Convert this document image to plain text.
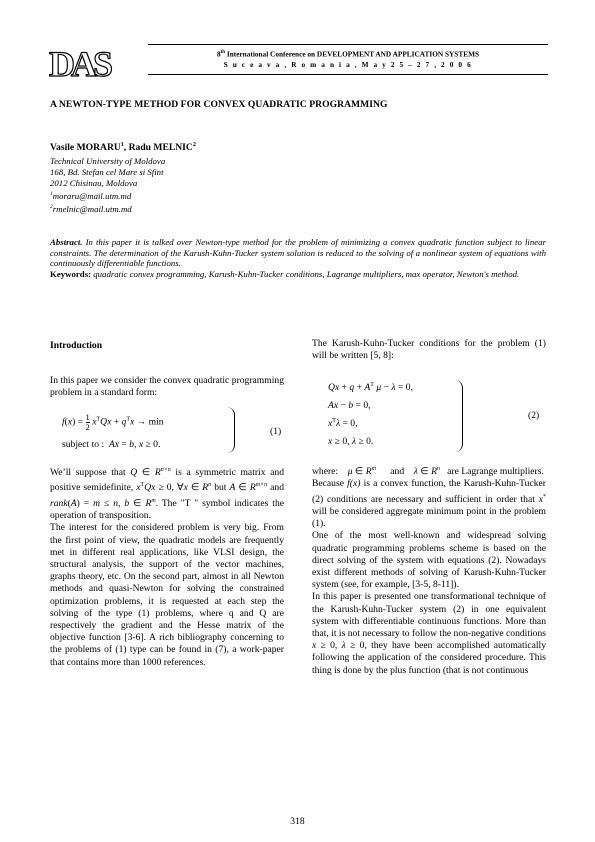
DAS	8th International Conference on DEVELOPMENT AND APPLICATION SYSTEMS
S u c e a v a , R o m a n i a , M a y 2 5 – 2 7 , 2 0 0 6
A NEWTON-TYPE METHOD FOR CONVEX QUADRATIC PROGRAMMING
Vasile MORARU$^1$, Radu MELNIC$^2$
Technical University of Moldova
168, Bd. Stefan cel Mare si Sfint
2012 Chisinau, Moldova
$^1$moraru@mail.utm.md
$^2$rmelnic@mail.utm.md
Abstract. In this paper it is talked over Newton-type method for the problem of minimizing a convex quadratic function subject to linear constraints. The determination of the Karush-Kuhn-Tucker system solution is reduced to the solving of a nonlinear system of equations with continuously differentiable functions.
Keywords: quadratic convex programming, Karush-Kuhn-Tucker conditions, Lagrange multipliers, max operator, Newton's method.
Introduction

In this paper we consider the convex quadratic programming problem in a standard form:

$f(x) = \frac{1}{2} x^TQx + q^Tx \to \min$
subject to : Ax = b, x ≥ 0.
(1)

We’ll suppose that Q ∈ $R^{n\times n}$ is a symmetric matrix and positive semidefinite, $x^TQx \ge 0$, ∀x ∈ $R^n$ but A ∈ $R^{m\times n}$ and rank(A) = m ≤ n, b ∈ $R^m$. The "T " symbol indicates the operation of transposition.

The interest for the considered problem is very big. From the first point of view, the quadratic models are frequently met in different real applications, like VLSI design, the structural analysis, the support of the vector machines, graphs theory, etc. On the second part, almost in all Newton methods and quasi-Newton for solving the constrained optimization problems, it is requested at each step the solving of the type (1) problems, where q and Q are respectively the gradient and the Hesse matrix of the objective function [3-6]. A rich bibliography concerning to the problems of (1) type can be found in (7), a work-paper that contains more than 1000 references.

The Karush-Kuhn-Tucker conditions for the problem (1) will be written [5, 8]:

$Qx + q + A^T$ μ − λ = 0,
Ax − b = 0,
$x^T\lambda = 0$,
x ≥ 0, λ ≥ 0.
(2)

where: μ ∈ $R^m$ and λ ∈ $R^n$ are Lagrange multipliers.

Because f(x) is a convex function, the Karush-Kuhn-Tucker (2) conditions are necessary and sufficient in order that x* will be considered aggregate minimum point in the problem (1).

One of the most well-known and widespread solving quadratic programming problems scheme is based on the direct solving of the system with equations (2). Nowadays exist different methods of solving of Karush-Kuhn-Tucker system (see, for example, [3-5, 8-11]).

In this paper is presented one transformational technique of the Karush-Kuhn-Tucker system (2) in one equivalent system with differentiable continuous functions. More than that, it is not necessary to follow the non-negative conditions x ≥ 0, λ ≥ 0, they have been accomplished automatically following the application of the considered procedure. This thing is done by the plus function (that is not continuous

318
